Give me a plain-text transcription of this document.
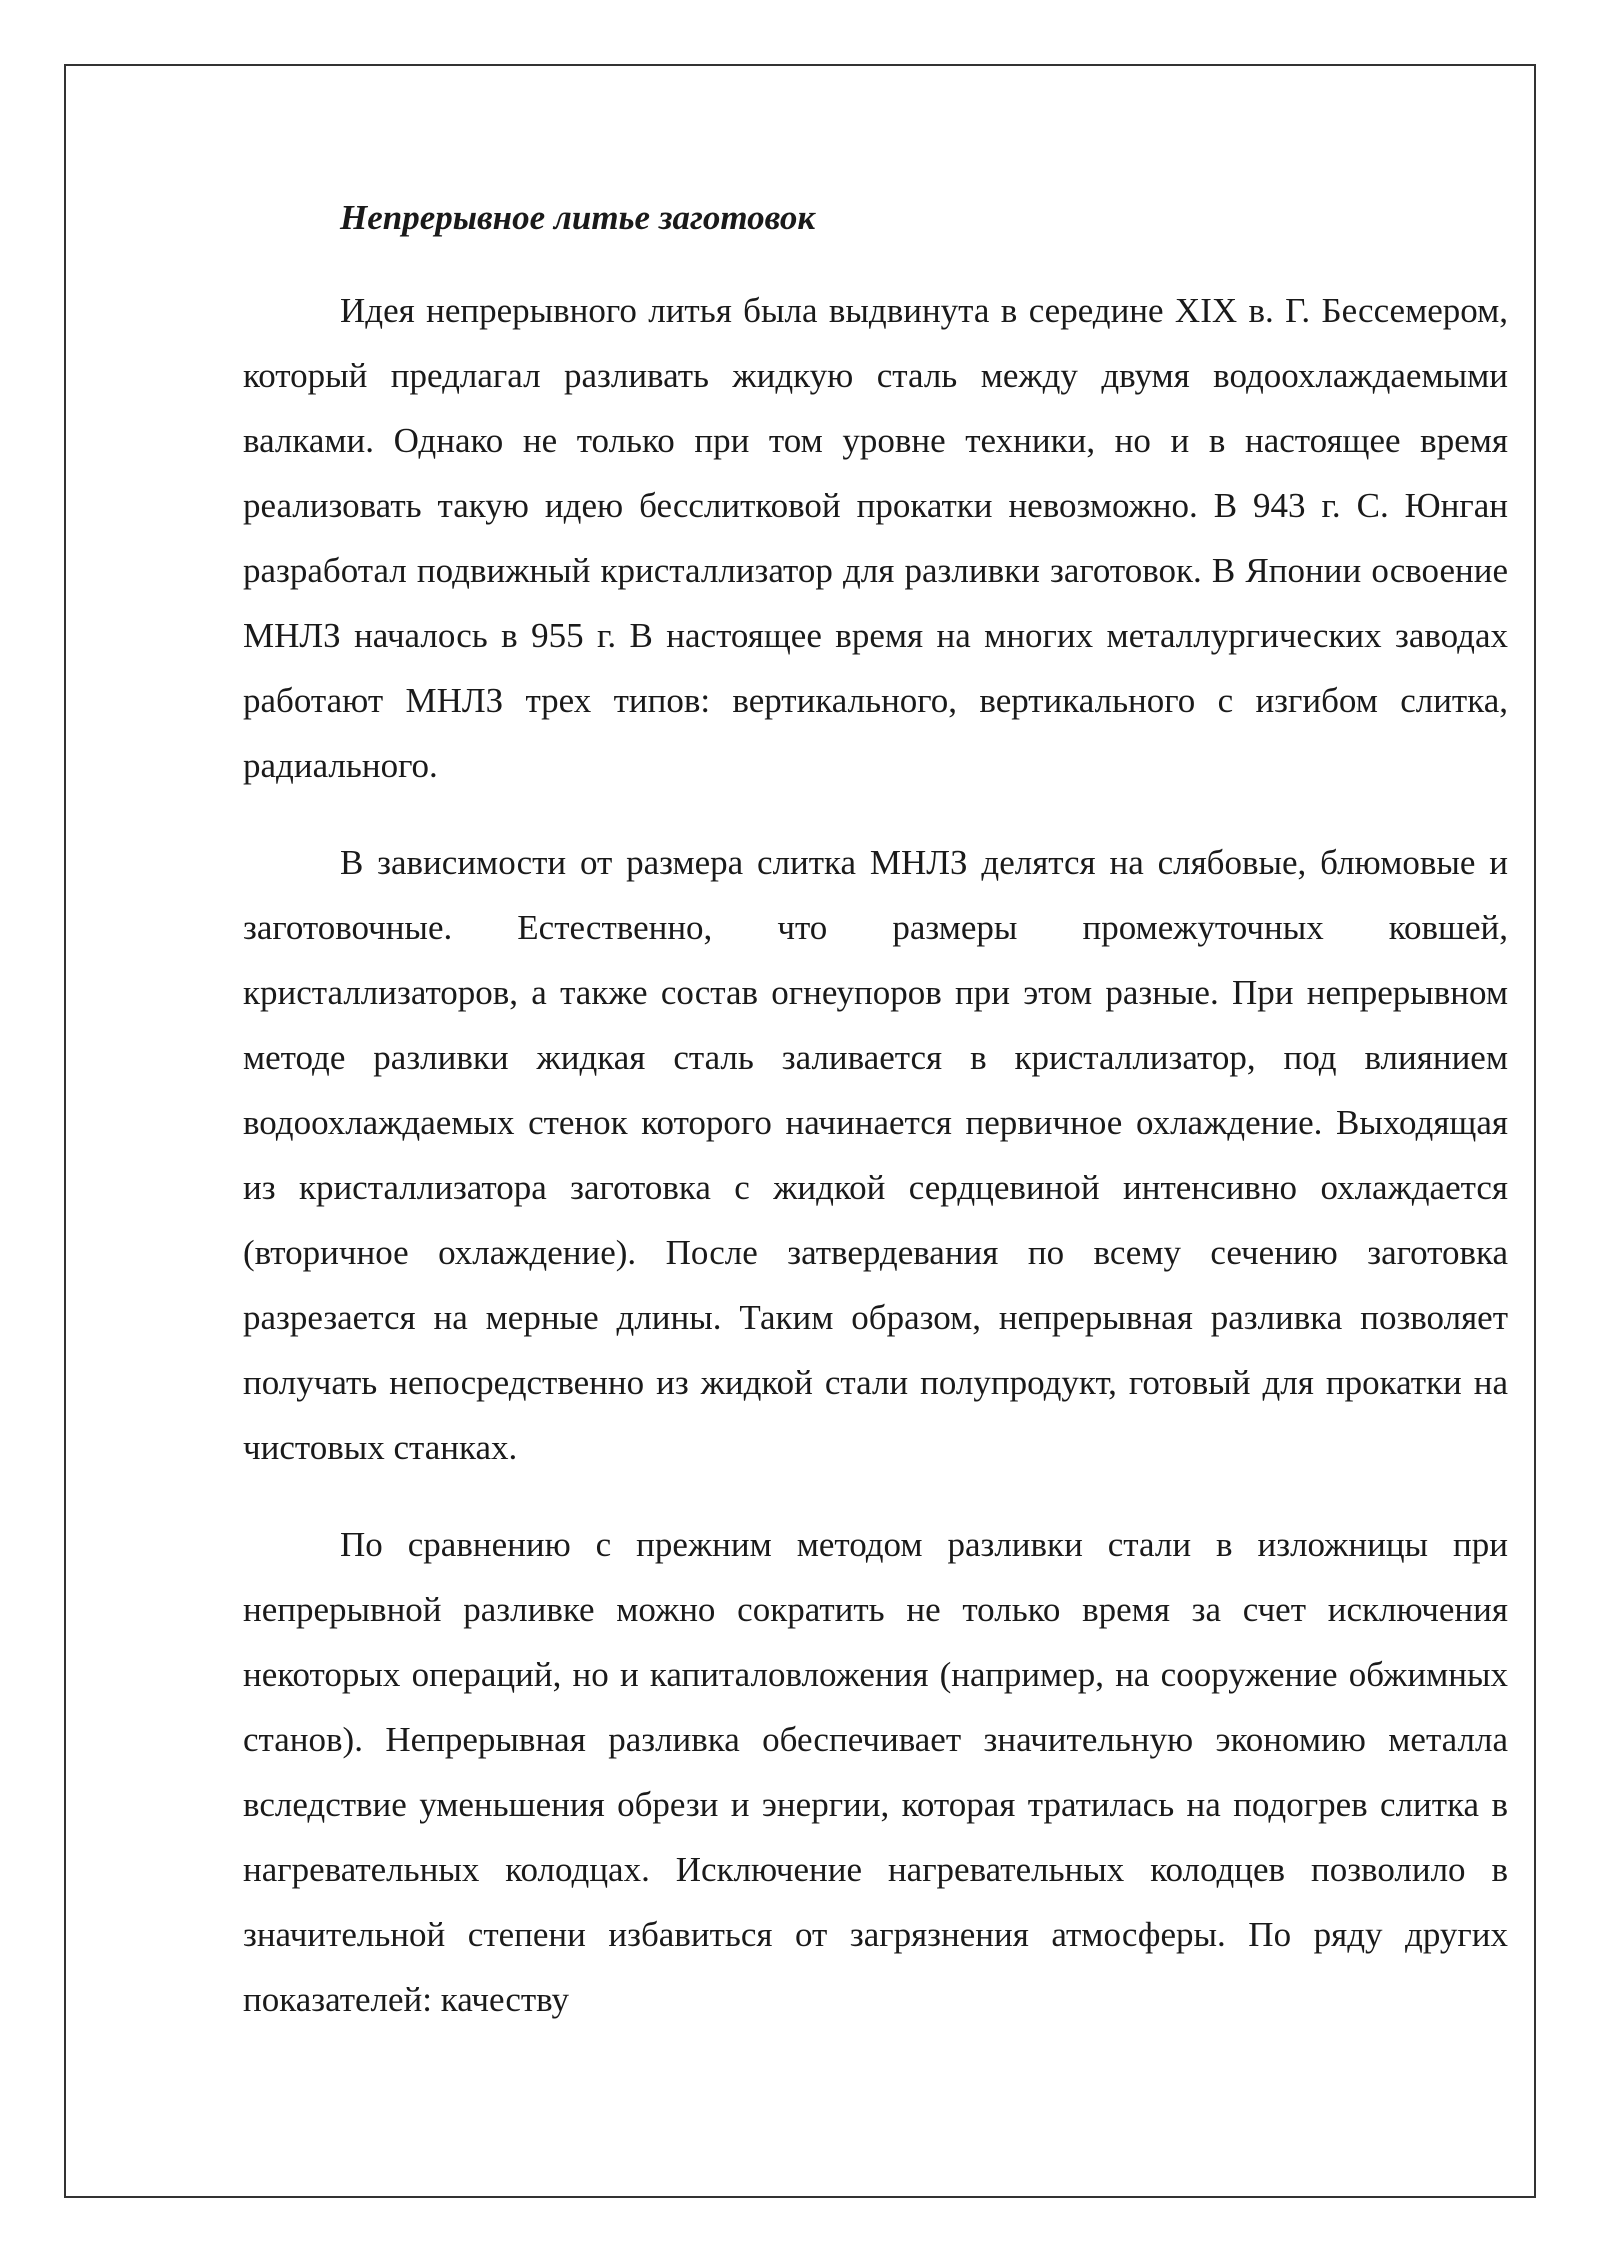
Непрерывное литье заготовок

Идея непрерывного литья была выдвинута в середине XIX в. Г. Бессемером, который предлагал разливать жидкую сталь между двумя водоохлаждаемыми валками. Однако не только при том уровне техники, но и в настоящее время реализовать такую идею бесслитковой прокатки невозможно. В 943 г. С. Юнган разработал подвижный кристаллизатор для разливки заготовок. В Японии освоение МНЛЗ началось в 955 г. В настоящее время на многих металлургических заводах работают МНЛЗ трех типов: вертикального, вертикального с изгибом слитка, радиального.

В зависимости от размера слитка МНЛЗ делятся на слябовые, блюмовые и заготовочные. Естественно, что размеры промежуточных ковшей, кристаллизаторов, а также состав огнеупоров при этом разные. При непрерывном методе разливки жидкая сталь заливается в кристаллизатор, под влиянием водоохлаждаемых стенок которого начинается первичное охлаждение. Выходящая из кристаллизатора заготовка с жидкой сердцевиной интенсивно охлаждается (вторичное охлаждение). После затвердевания по всему сечению заготовка разрезается на мерные длины. Таким образом, непрерывная разливка позволяет получать непосредственно из жидкой стали полупродукт, готовый для прокатки на чистовых станках.

По сравнению с прежним методом разливки стали в изложницы при непрерывной разливке можно сократить не только время за счет исключения некоторых операций, но и капиталовложения (например, на сооружение обжимных станов). Непрерывная разливка обеспечивает значительную экономию металла вследствие уменьшения обрези и энергии, которая тратилась на подогрев слитка в нагревательных колодцах. Исключение нагревательных колодцев позволило в значительной степени избавиться от загрязнения атмосферы. По ряду других показателей: качеству
